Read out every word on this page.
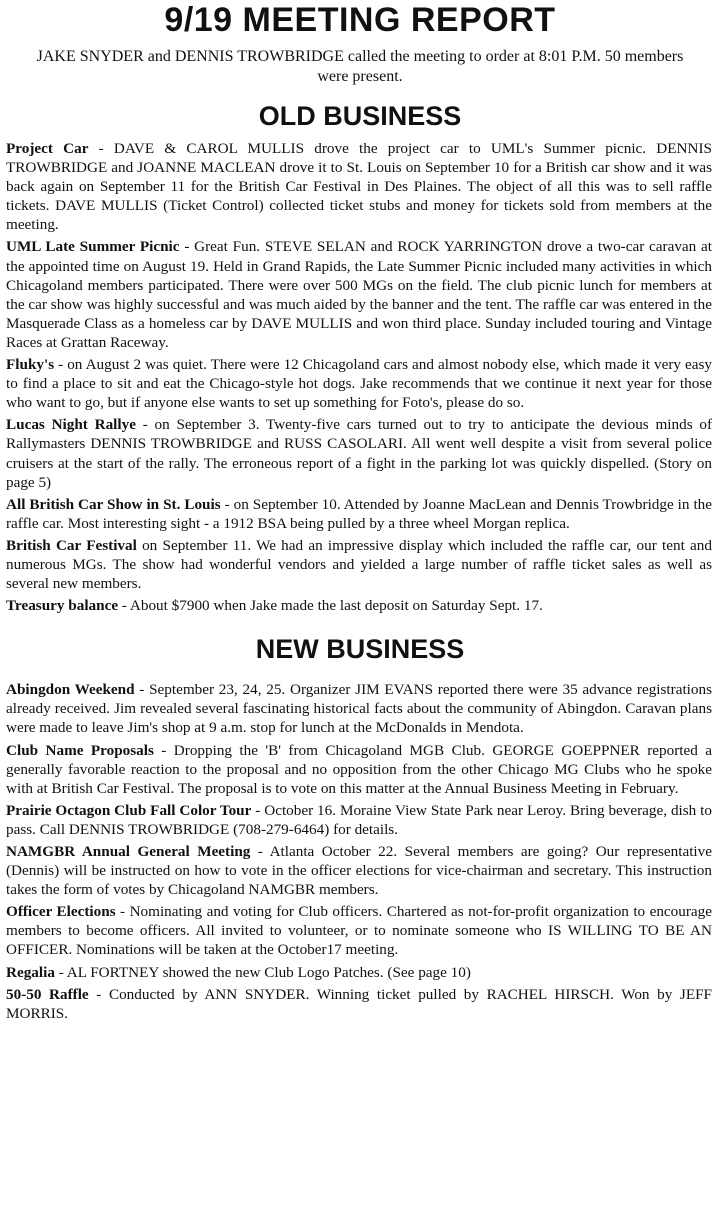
9/19 MEETING REPORT

JAKE SNYDER and DENNIS TROWBRIDGE called the meeting to order at 8:01 P.M. 50 members were present.

OLD BUSINESS

Project Car - DAVE & CAROL MULLIS drove the project car to UML's Summer picnic. DENNIS TROWBRIDGE and JOANNE MACLEAN drove it to St. Louis on September 10 for a British car show and it was back again on September 11 for the British Car Festival in Des Plaines. The object of all this was to sell raffle tickets. DAVE MULLIS (Ticket Control) collected ticket stubs and money for tickets sold from members at the meeting.

UML Late Summer Picnic - Great Fun. STEVE SELAN and ROCK YARRINGTON drove a two-car caravan at the appointed time on August 19. Held in Grand Rapids, the Late Summer Picnic included many activities in which Chicagoland members participated. There were over 500 MGs on the field. The club picnic lunch for members at the car show was highly successful and was much aided by the banner and the tent. The raffle car was entered in the Masquerade Class as a homeless car by DAVE MULLIS and won third place. Sunday included touring and Vintage Races at Grattan Raceway.

Fluky's - on August 2 was quiet. There were 12 Chicagoland cars and almost nobody else, which made it very easy to find a place to sit and eat the Chicago-style hot dogs. Jake recommends that we continue it next year for those who want to go, but if anyone else wants to set up something for Foto's, please do so.

Lucas Night Rallye - on September 3. Twenty-five cars turned out to try to anticipate the devious minds of Rallymasters DENNIS TROWBRIDGE and RUSS CASOLARI. All went well despite a visit from several police cruisers at the start of the rally. The erroneous report of a fight in the parking lot was quickly dispelled. (Story on page 5)

All British Car Show in St. Louis - on September 10. Attended by Joanne MacLean and Dennis Trowbridge in the raffle car. Most interesting sight - a 1912 BSA being pulled by a three wheel Morgan replica.

British Car Festival on September 11. We had an impressive display which included the raffle car, our tent and numerous MGs. The show had wonderful vendors and yielded a large number of raffle ticket sales as well as several new members.

Treasury balance - About $7900 when Jake made the last deposit on Saturday Sept. 17.

NEW BUSINESS

Abingdon Weekend - September 23, 24, 25. Organizer JIM EVANS reported there were 35 advance registrations already received. Jim revealed several fascinating historical facts about the community of Abingdon. Caravan plans were made to leave Jim's shop at 9 a.m. stop for lunch at the McDonalds in Mendota.

Club Name Proposals - Dropping the 'B' from Chicagoland MGB Club. GEORGE GOEPPNER reported a generally favorable reaction to the proposal and no opposition from the other Chicago MG Clubs who he spoke with at British Car Festival. The proposal is to vote on this matter at the Annual Business Meeting in February.

Prairie Octagon Club Fall Color Tour - October 16. Moraine View State Park near Leroy. Bring beverage, dish to pass. Call DENNIS TROWBRIDGE (708-279-6464) for details.

NAMGBR Annual General Meeting - Atlanta October 22. Several members are going? Our representative (Dennis) will be instructed on how to vote in the officer elections for vice-chairman and secretary. This instruction takes the form of votes by Chicagoland NAMGBR members.

Officer Elections - Nominating and voting for Club officers. Chartered as not-for-profit organization to encourage members to become officers. All invited to volunteer, or to nominate someone who IS WILLING TO BE AN OFFICER. Nominations will be taken at the October17 meeting.

Regalia - AL FORTNEY showed the new Club Logo Patches. (See page 10)

50-50 Raffle - Conducted by ANN SNYDER. Winning ticket pulled by RACHEL HIRSCH. Won by JEFF MORRIS.
